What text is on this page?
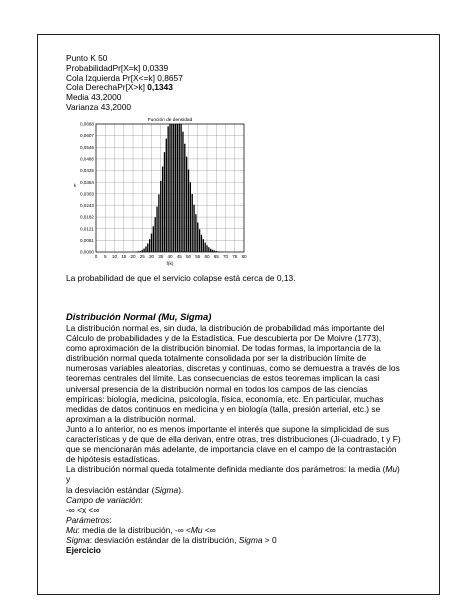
Punto K 50
ProbabilidadPr[X=k] 0,0339
Cola Izquierda Pr[X<=k] 0,8657
Cola DerechaPr[X>k] 0,1343
Media 43,2000
Varianza 43,2000
Función de densidad
k
f(k)
0,0668
0,0607
0,0546
0,0486
0,0425
0,0364
0,0303
0,0243
0,0182
0,0121
0,0061
0,0000
0 5 10 15 20 25 30 35 40 45 50 55 60 65 70 75 80
La probabilidad de que el servicio colapse está cerca de 0,13.
Distribución Normal (Mu, Sigma)
La distribución normal es, sin duda, la distribución de probabilidad más importante del
Cálculo de probabilidades y de la Estadística. Fue descubierta por De Moivre (1773),
como aproximación de la distribución binomial. De todas formas, la importancia de la
distribución normal queda totalmente consolidada por ser la distribución límite de
numerosas variables aleatorias, discretas y continuas, como se demuestra a través de los
teoremas centrales del límite. Las consecuencias de estos teoremas implican la casi
universal presencia de la distribución normal en todos los campos de las ciencias
empíricas: biología, medicina, psicología, física, economía, etc. En particular, muchas
medidas de datos continuos en medicina y en biología (talla, presión arterial, etc.) se
aproximan a la distribución normal.
Junto a lo anterior, no es menos importante el interés que supone la simplicidad de sus
características y de que de ella derivan, entre otras, tres distribuciones (Ji-cuadrado, t y F)
que se mencionarán más adelante, de importancia clave en el campo de la contrastación
de hipótesis estadísticas.
La distribución normal queda totalmente definida mediante dos parámetros: la media (Mu)
y
la desviación estándar (Sigma).
Campo de variación:
-∞ <x <∞
Parámetros:
Mu: media de la distribución, -∞ <Mu <∞
Sigma: desviación estándar de la distribución, Sigma > 0
Ejercicio
